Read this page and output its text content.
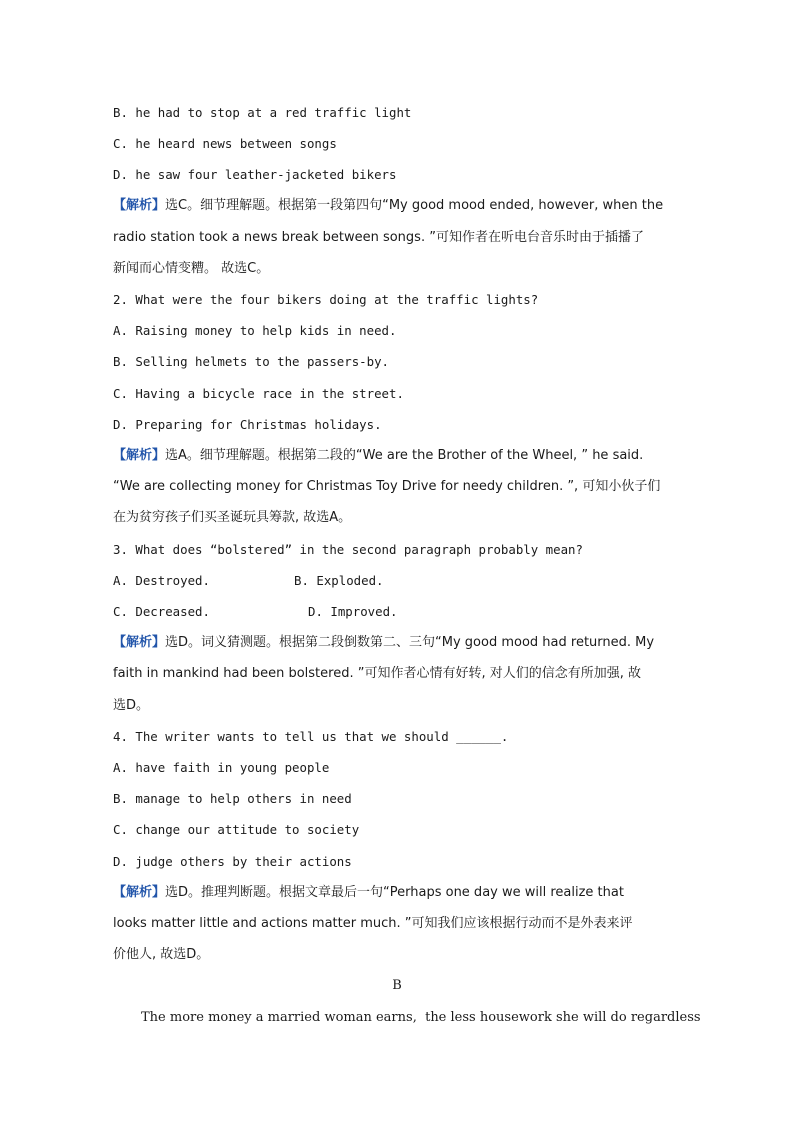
B. he had to stop at a red traffic light
C. he heard news between songs
D. he saw four leather-jacketed bikers
【解析】选C。细节理解题。根据第一段第四句“My good mood ended, however, when the
radio station took a news break between songs. ”可知作者在听电台音乐时由于插播了
新闻而心情变糟。 故选C。
2. What were the four bikers doing at the traffic lights?
A. Raising money to help kids in need.
B. Selling helmets to the passers-by.
C. Having a bicycle race in the street.
D. Preparing for Christmas holidays.
【解析】选A。细节理解题。根据第二段的“We are the Brother of the Wheel, ” he said.
“We are collecting money for Christmas Toy Drive for needy children. ”, 可知小伙子们
在为贫穷孩子们买圣诞玩具筹款, 故选A。
3. What does “bolstered” in the second paragraph probably mean?
A. Destroyed.	B. Exploded.
C. Decreased.	D. Improved.
【解析】选D。词义猜测题。根据第二段倒数第二、三句“My good mood had returned. My
faith in mankind had been bolstered. ”可知作者心情有好转, 对人们的信念有所加强, 故
选D。
4. The writer wants to tell us that we should ______.
A. have faith in young people
B. manage to help others in need
C. change our attitude to society
D. judge others by their actions
【解析】选D。推理判断题。根据文章最后一句“Perhaps one day we will realize that
looks matter little and actions matter much. ”可知我们应该根据行动而不是外表来评
价他人, 故选D。
B
The more money a married woman earns,  the less housework she will do regardless
